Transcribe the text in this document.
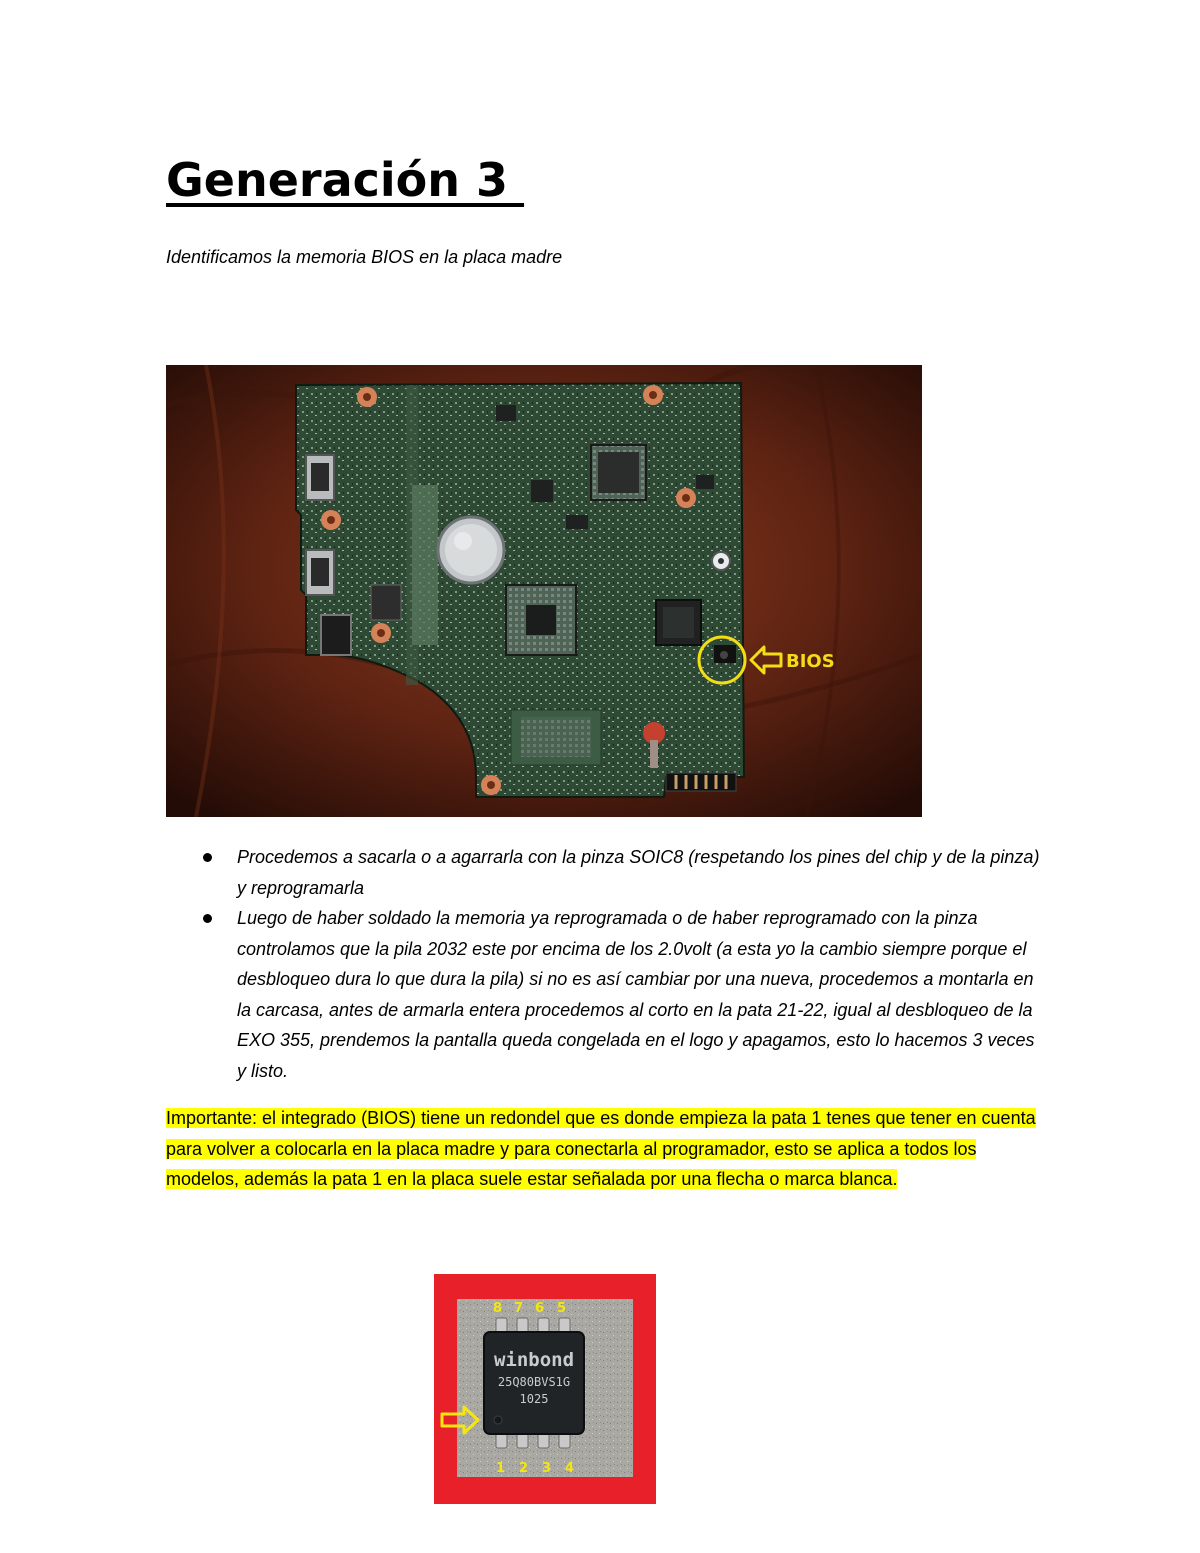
Generación 3
Identificamos la memoria BIOS en la placa madre
BIOS
Procedemos a sacarla o a agarrarla con la pinza SOIC8 (respetando los pines del chip y de la pinza) y reprogramarla
Luego de haber soldado la memoria ya reprogramada o de haber reprogramado con la pinza controlamos que la pila 2032 este por encima de los 2.0volt (a esta yo la cambio siempre porque el desbloqueo dura lo que dura la pila) si no es así cambiar por una nueva, procedemos a montarla en la carcasa, antes de armarla entera procedemos al corto en la pata 21-22, igual al desbloqueo de la EXO 355, prendemos la pantalla queda congelada en el logo y apagamos, esto lo hacemos 3 veces y listo.

Importante: el integrado (BIOS) tiene un redondel que es donde empieza la pata 1 tenes que tener en cuenta para volver a colocarla en la placa madre y para conectarla al programador, esto se aplica a todos los modelos, además la pata 1 en la placa suele estar señalada por una flecha o marca blanca.

winbond
25Q80BVS1G
1025
8 7 6 5
1 2 3 4
